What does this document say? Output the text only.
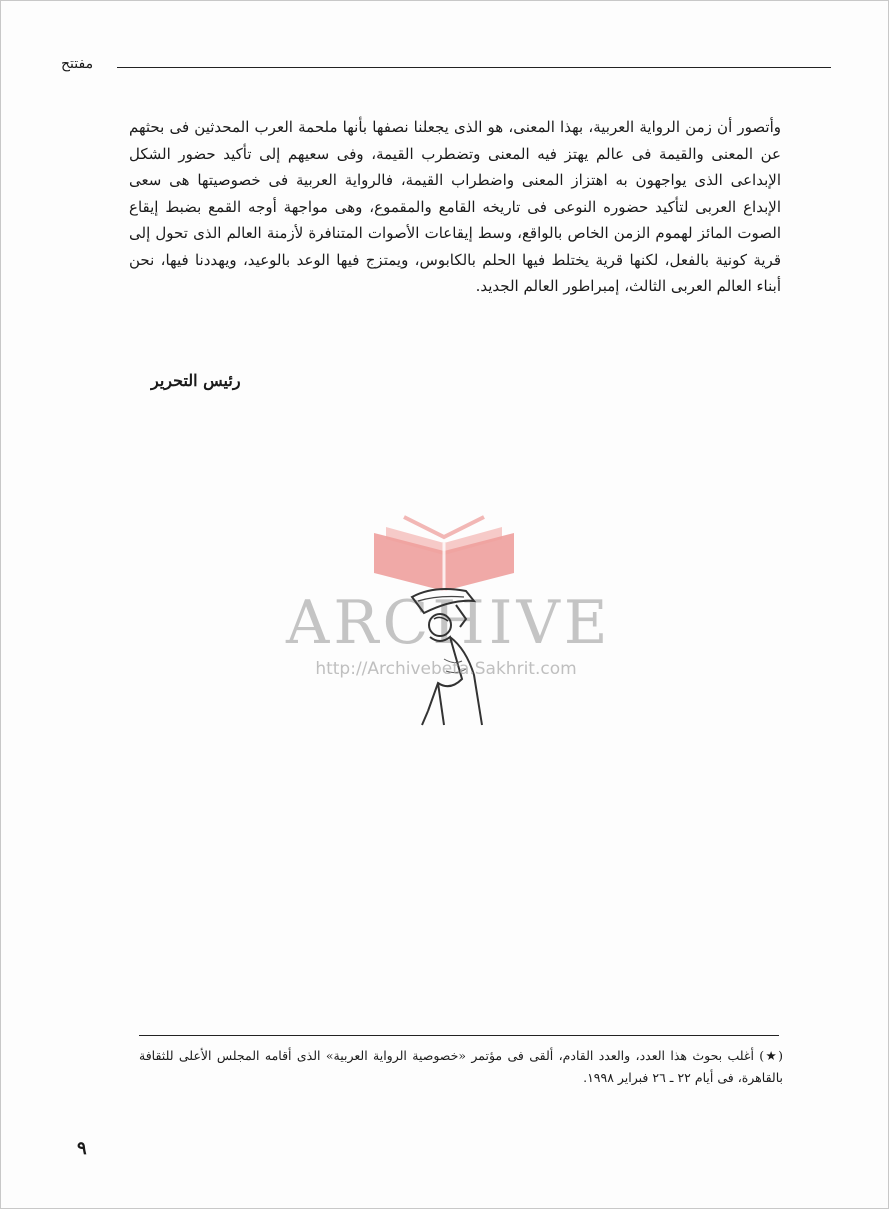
مفتتح

وأتصور أن زمن الرواية العربية، بهذا المعنى، هو الذى يجعلنا نصفها بأنها ملحمة العرب المحدثين فى بحثهم عن المعنى والقيمة فى عالم يهتز فيه المعنى وتضطرب القيمة، وفى سعيهم إلى تأكيد حضور الشكل الإبداعى الذى يواجهون به اهتزاز المعنى واضطراب القيمة، فالرواية العربية فى خصوصيتها هى سعى الإبداع العربى لتأكيد حضوره النوعى فى تاريخه القامع والمقموع، وهى مواجهة أوجه القمع بضبط إيقاع الصوت المائز لهموم الزمن الخاص بالواقع، وسط إيقاعات الأصوات المتنافرة لأزمنة العالم الذى تحول إلى قرية كونية بالفعل، لكنها قرية يختلط فيها الحلم بالكابوس، ويمتزج فيها الوعد بالوعيد، ويهددنا فيها، نحن أبناء العالم العربى الثالث، إمبراطور العالم الجديد.

رئيس التحرير
ARCHIVE
http://Archivebeta.Sakhrit.com
(★) أغلب بحوث هذا العدد، والعدد القادم، ألقى فى مؤتمر «خصوصية الرواية العربية» الذى أقامه المجلس الأعلى للثقافة بالقاهرة، فى أيام ٢٢ ـ ٢٦ فبراير ١٩٩٨.
٩
